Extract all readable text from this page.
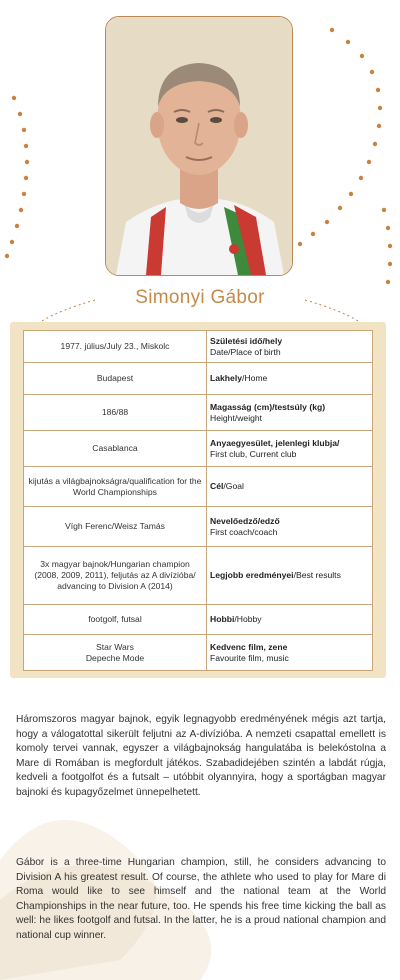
Simonyi Gábor
1977. július/July 23., Miskolc	Születési idő/hely
Date/Place of birth
Budapest	Lakhely/Home
186/88	Magasság (cm)/testsúly (kg)
Height/weight
Casablanca	Anyaegyesület, jelenlegi klubja/
First club, Current club
kijutás a világbajnokságra/qualification for the World Championships	Cél/Goal
Vígh Ferenc/Weisz Tamás	Nevelőedző/edző
First coach/coach
3x magyar bajnok/Hungarian champion (2008, 2009, 2011), feljutás az A divízióba/ advancing to Division A (2014)	Legjobb eredményei/Best results
footgolf, futsal	Hobbi/Hobby
Star Wars
Depeche Mode	Kedvenc film, zene
Favourite film, music

Háromszoros magyar bajnok, egyik legnagyobb eredményének mégis azt tartja, hogy a válogatottal sikerült feljutni az A-divízióba. A nemzeti csapattal emellett is komoly tervei vannak, egyszer a világbajnokság hangulatába is belekóstolna a Mare di Romában is megfordult játékos. Szabadidejében szintén a labdát rúgja, kedveli a footgolfot és a futsalt – utóbbit olyannyira, hogy a sportágban magyar bajnoki és kupagyőzelmet ünnepelhetett.

Gábor is a three-time Hungarian champion, still, he considers advancing to Division A his greatest result. Of course, the athlete who used to play for Mare di Roma would like to see himself and the national team at the World Championships in the near future, too. He spends his free time kicking the ball as well: he likes footgolf and futsal. In the latter, he is a proud national champion and national cup winner.
